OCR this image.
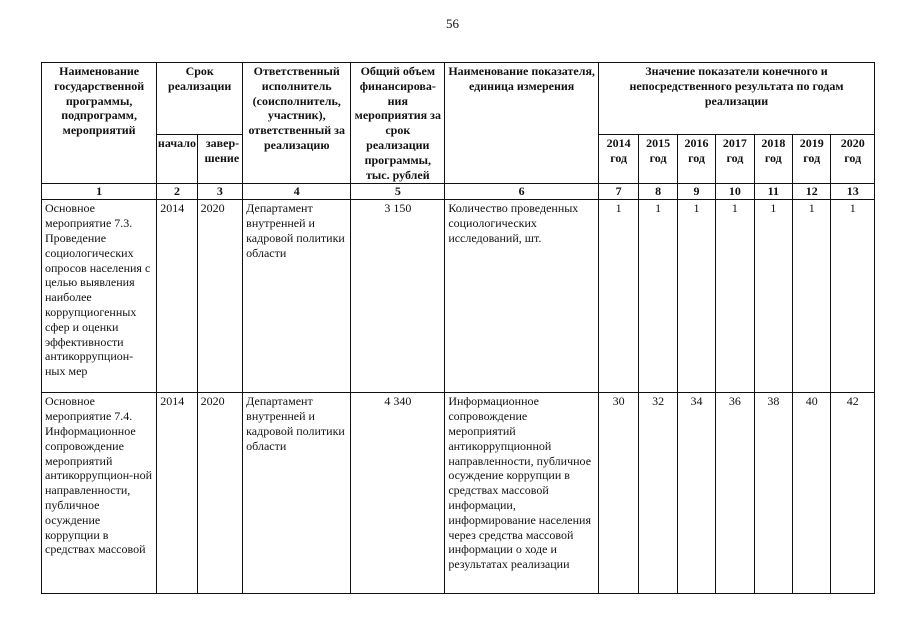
56
Наименование государственной программы, подпрограмм, мероприятий	Срок реализации		Ответственный исполнитель (соисполнитель, участник), ответственный за реализацию	Общий объем финансирова-ния мероприятия за срок реализации программы, тыс. рублей	Наименование показателя, единица измерения	Значение показатели конечного и непосредственного результата по годам реализации						
	начало	завер-шение				2014 год	2015 год	2016 год	2017 год	2018 год	2019 год	2020 год
1	2	3	4	5	6	7	8	9	10	11	12	13
Основное мероприятие 7.3. Проведение социологических опросов населения с целью выявления наиболее коррупциогенных сфер и оценки эффективности антикоррупцион-ных мер	2014	2020	Департамент внутренней и кадровой политики области	3 150	Количество проведенных социологических исследований, шт.	1	1	1	1	1	1	1
Основное мероприятие 7.4. Информационное сопровождение мероприятий антикоррупцион-ной направленности, публичное осуждение коррупции в средствах массовой	2014	2020	Департамент внутренней и кадровой политики области	4 340	Информационное сопровождение мероприятий антикоррупционной направленности, публичное осуждение коррупции в средствах массовой информации, информирование населения через средства массовой информации о ходе и результатах реализации	30	32	34	36	38	40	42
